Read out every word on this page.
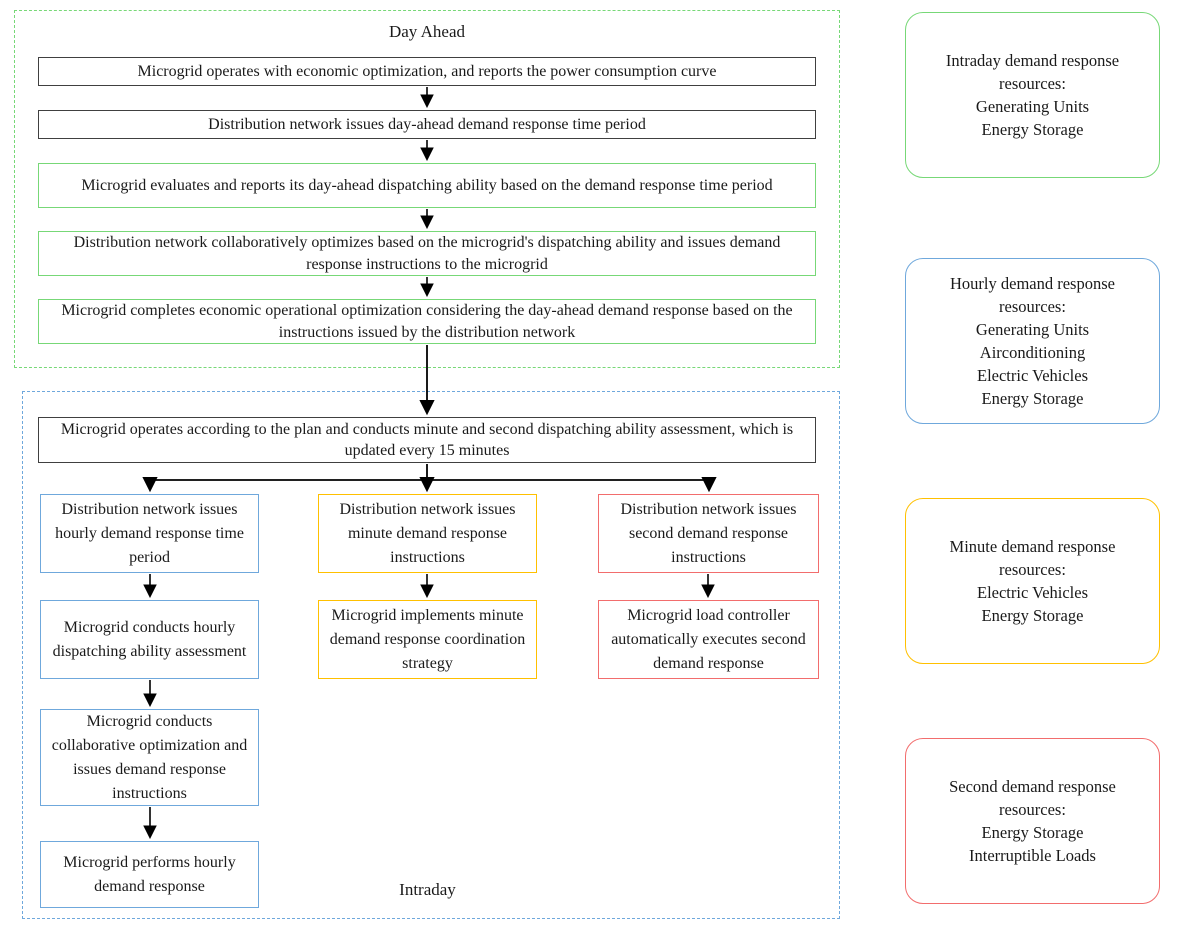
Day Ahead
Microgrid operates with economic optimization, and reports the power consumption curve
Distribution network issues day-ahead demand response time period
Microgrid evaluates and reports its day-ahead dispatching ability based on the demand response time period
Distribution network collaboratively optimizes based on the microgrid's dispatching ability and issues demand response instructions to the microgrid
Microgrid completes economic operational optimization considering the day-ahead demand response based on the instructions issued by the distribution network
Intraday
Microgrid operates according to the plan and conducts minute and second dispatching ability assessment, which is updated every 15 minutes
Distribution network issues hourly demand response time period
Microgrid conducts hourly dispatching ability assessment
Microgrid conducts collaborative optimization and issues demand response instructions
Microgrid performs hourly demand response
Distribution network issues minute demand response instructions
Microgrid implements minute demand response coordination strategy
Distribution network issues second demand response instructions
Microgrid load controller automatically executes second demand response
Intraday demand response resources:
Generating Units
Energy Storage
Hourly demand response resources:
Generating Units
Airconditioning
Electric Vehicles
Energy Storage
Minute demand response resources:
Electric Vehicles
Energy Storage
Second demand response resources:
Energy Storage
Interruptible Loads
